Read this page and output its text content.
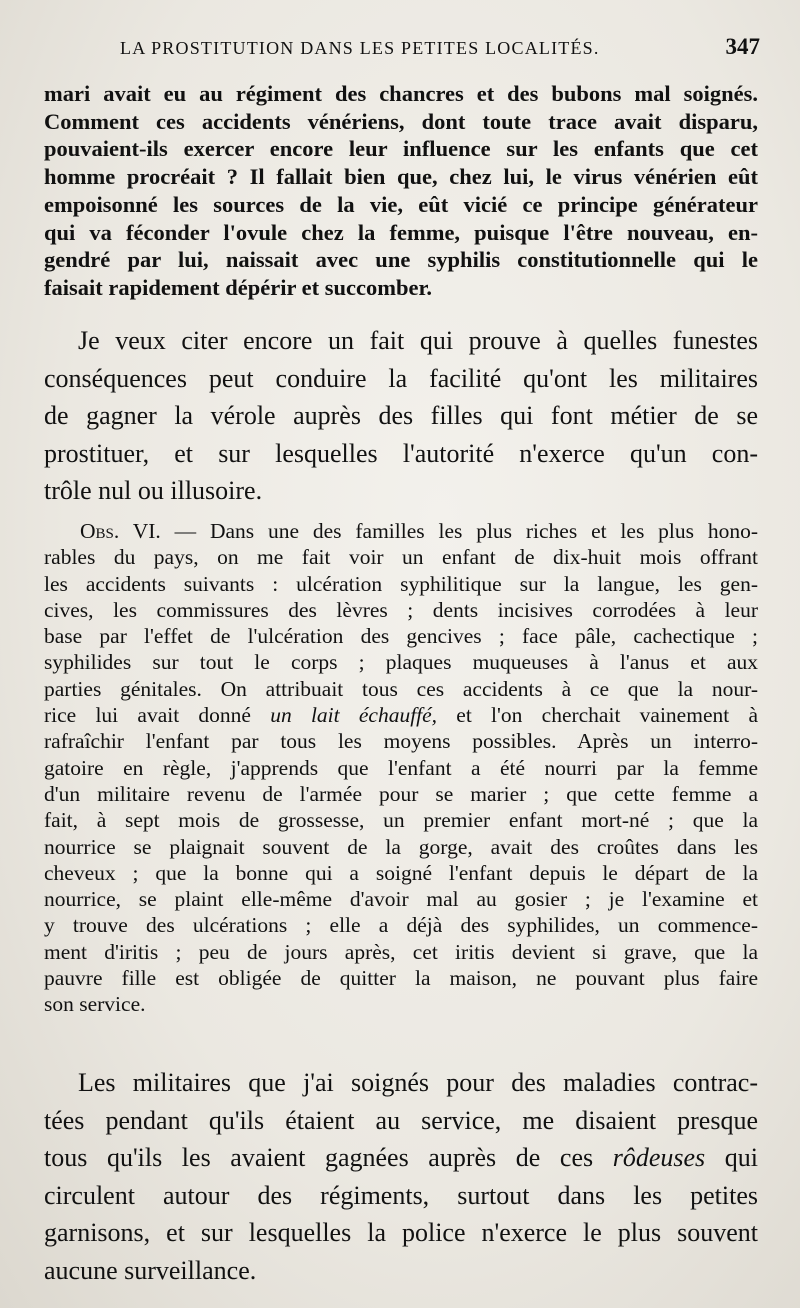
LA PROSTITUTION DANS LES PETITES LOCALITÉS.	347
mari avait eu au régiment des chancres et des bubons mal soignés.
Comment ces accidents vénériens, dont toute trace avait disparu,
pouvaient-ils exercer encore leur influence sur les enfants que cet
homme procréait ? Il fallait bien que, chez lui, le virus vénérien eût
empoisonné les sources de la vie, eût vicié ce principe générateur
qui va féconder l'ovule chez la femme, puisque l'être nouveau, en-
gendré par lui, naissait avec une syphilis constitutionnelle qui le
faisait rapidement dépérir et succomber.
Je veux citer encore un fait qui prouve à quelles funestes
conséquences peut conduire la facilité qu'ont les militaires
de gagner la vérole auprès des filles qui font métier de se
prostituer, et sur lesquelles l'autorité n'exerce qu'un con-
trôle nul ou illusoire.
Obs. VI. — Dans une des familles les plus riches et les plus hono-
rables du pays, on me fait voir un enfant de dix-huit mois offrant
les accidents suivants : ulcération syphilitique sur la langue, les gen-
cives, les commissures des lèvres ; dents incisives corrodées à leur
base par l'effet de l'ulcération des gencives ; face pâle, cachectique ;
syphilides sur tout le corps ; plaques muqueuses à l'anus et aux
parties génitales. On attribuait tous ces accidents à ce que la nour-
rice lui avait donné un lait échauffé, et l'on cherchait vainement à
rafraîchir l'enfant par tous les moyens possibles. Après un interro-
gatoire en règle, j'apprends que l'enfant a été nourri par la femme
d'un militaire revenu de l'armée pour se marier ; que cette femme a
fait, à sept mois de grossesse, un premier enfant mort-né ; que la
nourrice se plaignait souvent de la gorge, avait des croûtes dans les
cheveux ; que la bonne qui a soigné l'enfant depuis le départ de la
nourrice, se plaint elle-même d'avoir mal au gosier ; je l'examine et
y trouve des ulcérations ; elle a déjà des syphilides, un commence-
ment d'iritis ; peu de jours après, cet iritis devient si grave, que la
pauvre fille est obligée de quitter la maison, ne pouvant plus faire
son service.
Les militaires que j'ai soignés pour des maladies contrac-
tées pendant qu'ils étaient au service, me disaient presque
tous qu'ils les avaient gagnées auprès de ces rôdeuses qui
circulent autour des régiments, surtout dans les petites
garnisons, et sur lesquelles la police n'exerce le plus souvent
aucune surveillance.
